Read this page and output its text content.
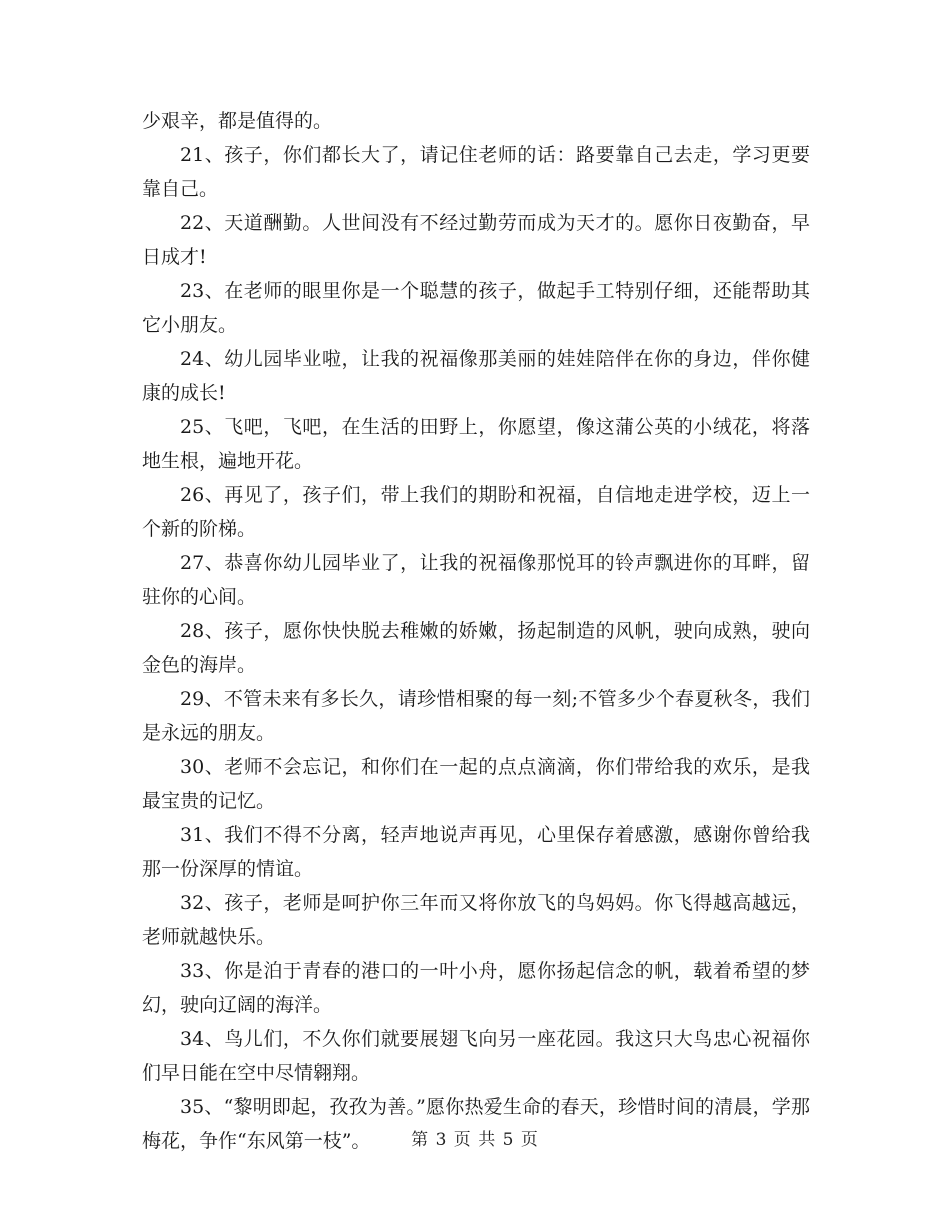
少艰辛，都是值得的。

21、孩子，你们都长大了，请记住老师的话：路要靠自己去走，学习更要靠自己。

22、天道酬勤。人世间没有不经过勤劳而成为天才的。愿你日夜勤奋，早日成才!

23、在老师的眼里你是一个聪慧的孩子，做起手工特别仔细，还能帮助其它小朋友。

24、幼儿园毕业啦，让我的祝福像那美丽的娃娃陪伴在你的身边，伴你健康的成长!

25、飞吧，飞吧，在生活的田野上，你愿望，像这蒲公英的小绒花，将落地生根，遍地开花。

26、再见了，孩子们，带上我们的期盼和祝福，自信地走进学校，迈上一个新的阶梯。

27、恭喜你幼儿园毕业了，让我的祝福像那悦耳的铃声飘进你的耳畔，留驻你的心间。

28、孩子，愿你快快脱去稚嫩的娇嫩，扬起制造的风帆，驶向成熟，驶向金色的海岸。

29、不管未来有多长久，请珍惜相聚的每一刻;不管多少个春夏秋冬，我们是永远的朋友。

30、老师不会忘记，和你们在一起的点点滴滴，你们带给我的欢乐，是我最宝贵的记忆。

31、我们不得不分离，轻声地说声再见，心里保存着感激，感谢你曾给我那一份深厚的情谊。

32、孩子，老师是呵护你三年而又将你放飞的鸟妈妈。你飞得越高越远，老师就越快乐。

33、你是泊于青春的港口的一叶小舟，愿你扬起信念的帆，载着希望的梦幻，驶向辽阔的海洋。

34、鸟儿们，不久你们就要展翅飞向另一座花园。我这只大鸟忠心祝福你们早日能在空中尽情翱翔。

35、“黎明即起，孜孜为善。”愿你热爱生命的春天，珍惜时间的清晨，学那梅花，争作“东风第一枝”。	第 3 页 共 5 页
